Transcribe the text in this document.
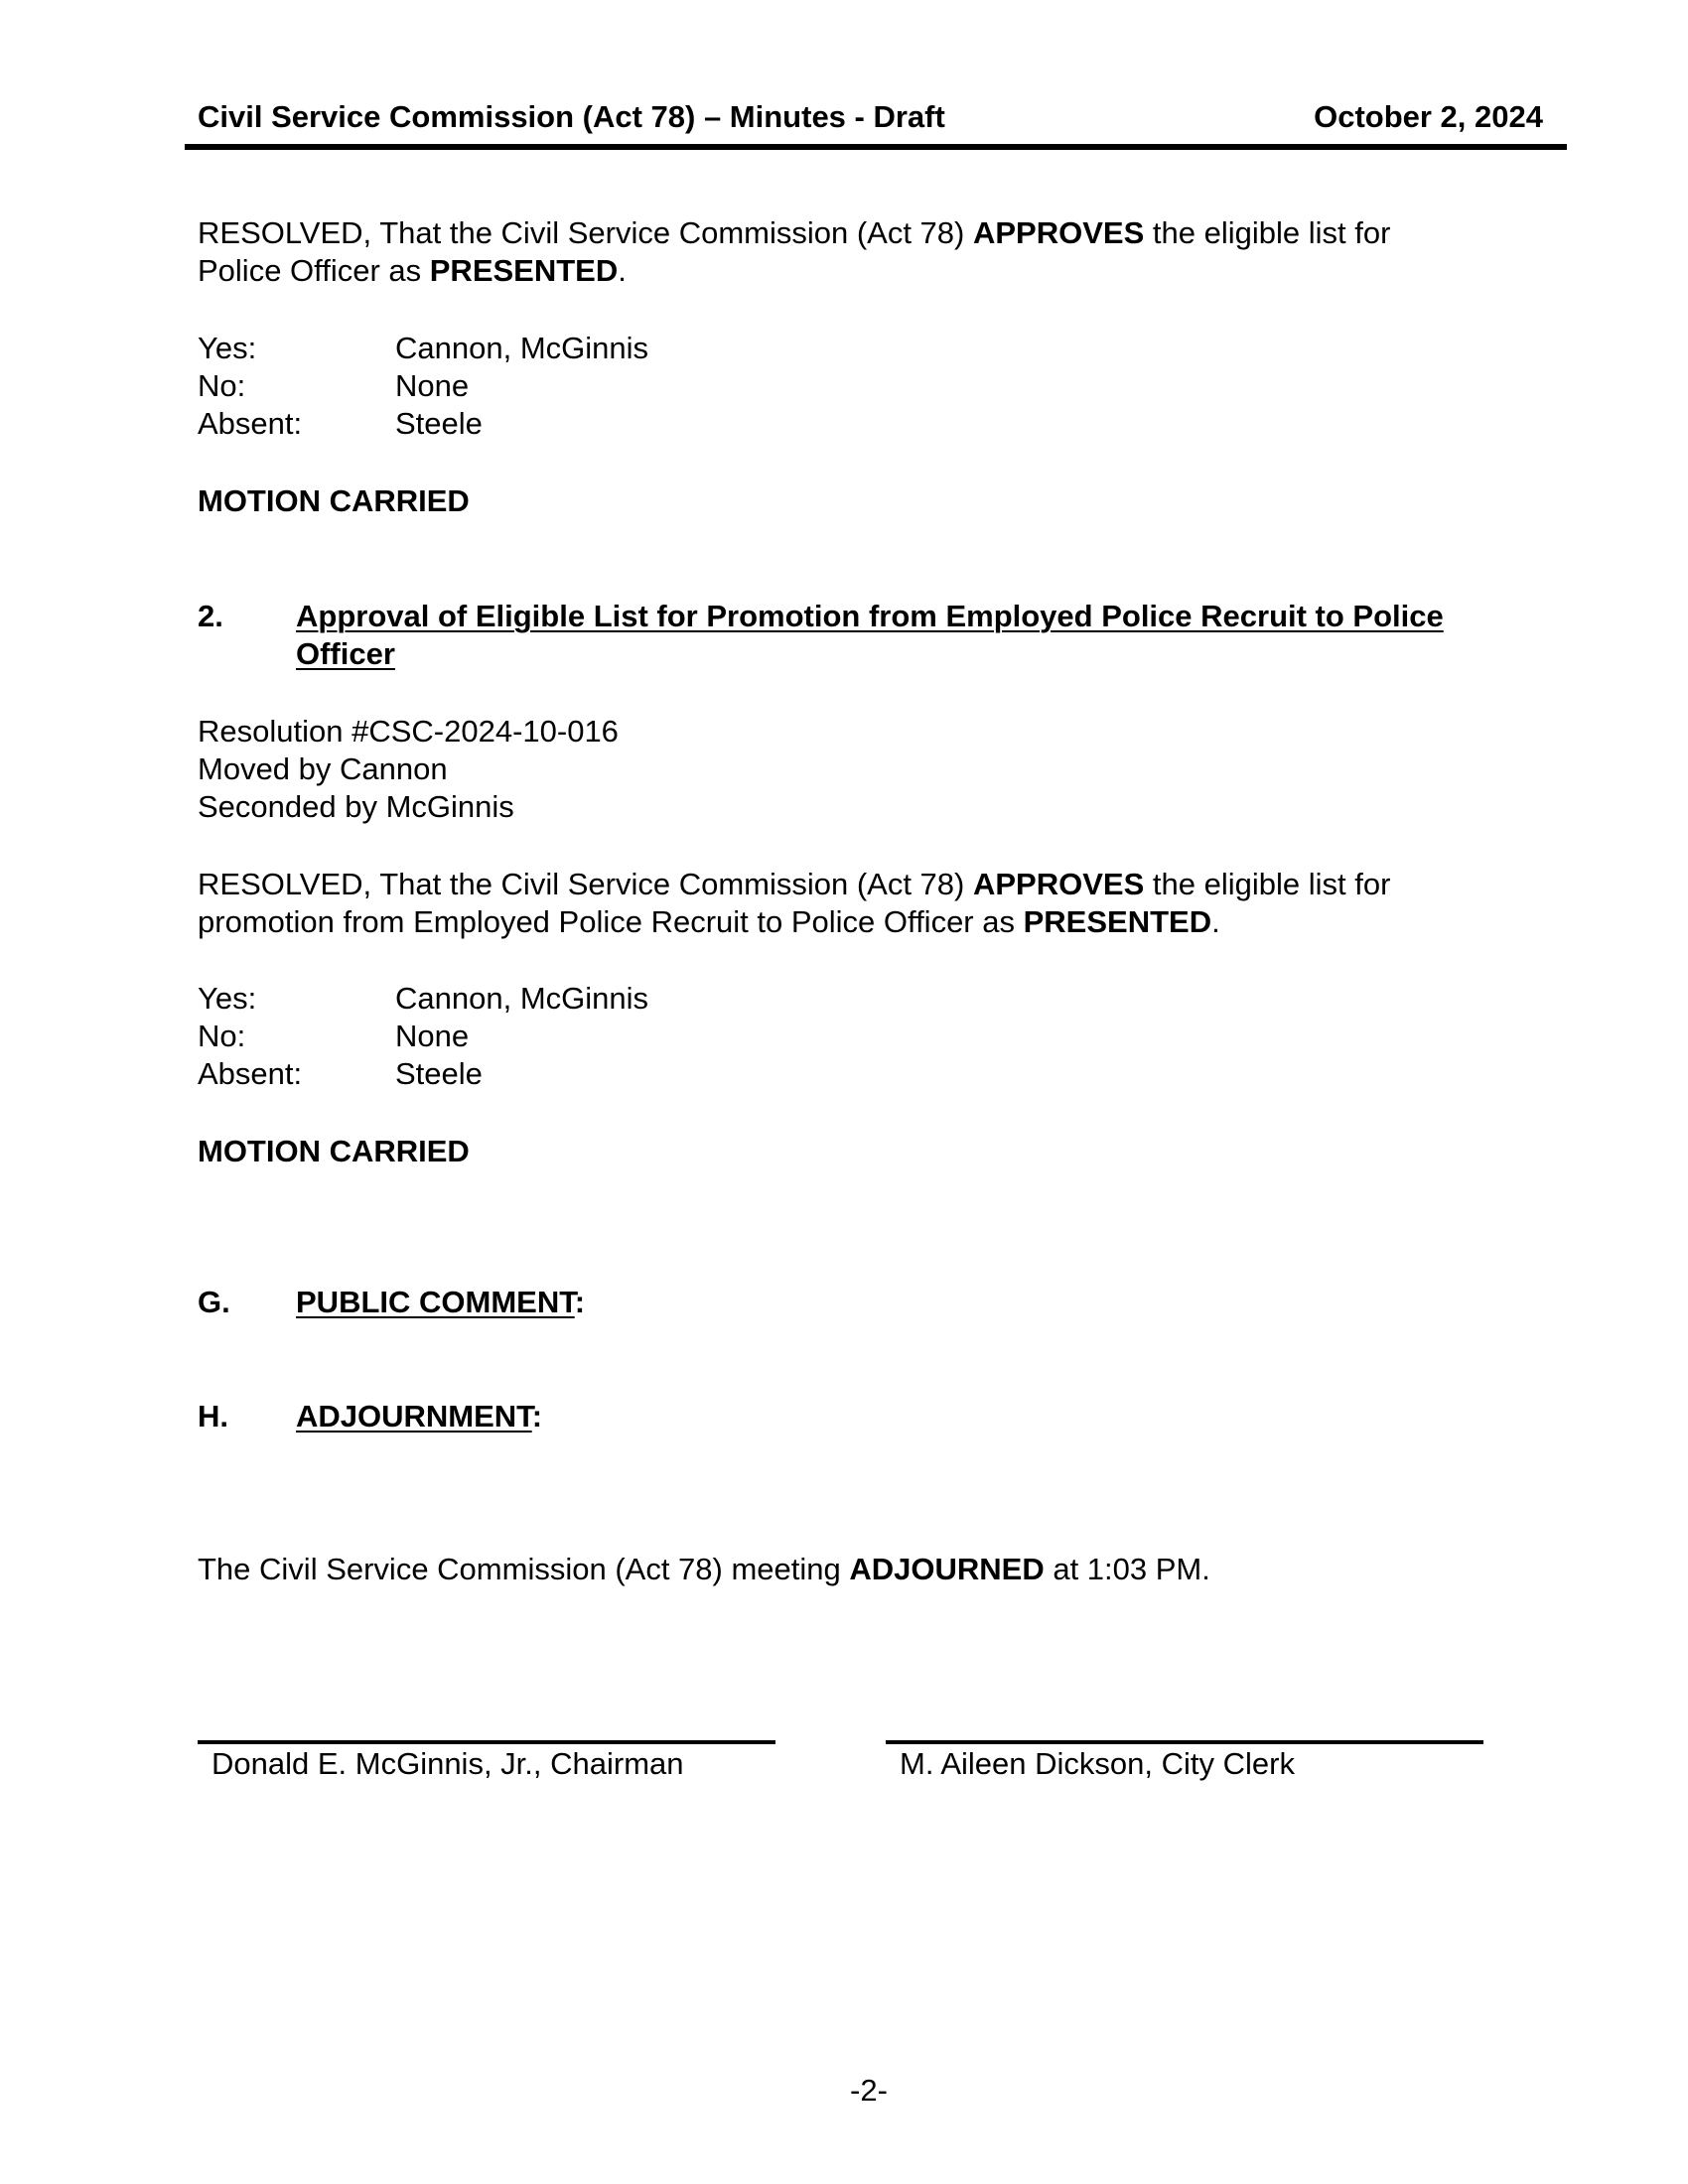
Civil Service Commission (Act 78) – Minutes - Draft	October 2, 2024
RESOLVED, That the Civil Service Commission (Act 78) APPROVES the eligible list for
Police Officer as PRESENTED.
Yes:	Cannon, McGinnis
No:	None
Absent:	Steele
MOTION CARRIED
2. Approval of Eligible List for Promotion from Employed Police Recruit to Police
Officer
Resolution #CSC-2024-10-016
Moved by Cannon
Seconded by McGinnis
RESOLVED, That the Civil Service Commission (Act 78) APPROVES the eligible list for
promotion from Employed Police Recruit to Police Officer as PRESENTED.
Yes:	Cannon, McGinnis
No:	None
Absent:	Steele
MOTION CARRIED
G. PUBLIC COMMENT:
H. ADJOURNMENT:
The Civil Service Commission (Act 78) meeting ADJOURNED at 1:03 PM.
Donald E. McGinnis, Jr., Chairman	M. Aileen Dickson, City Clerk
-2-
